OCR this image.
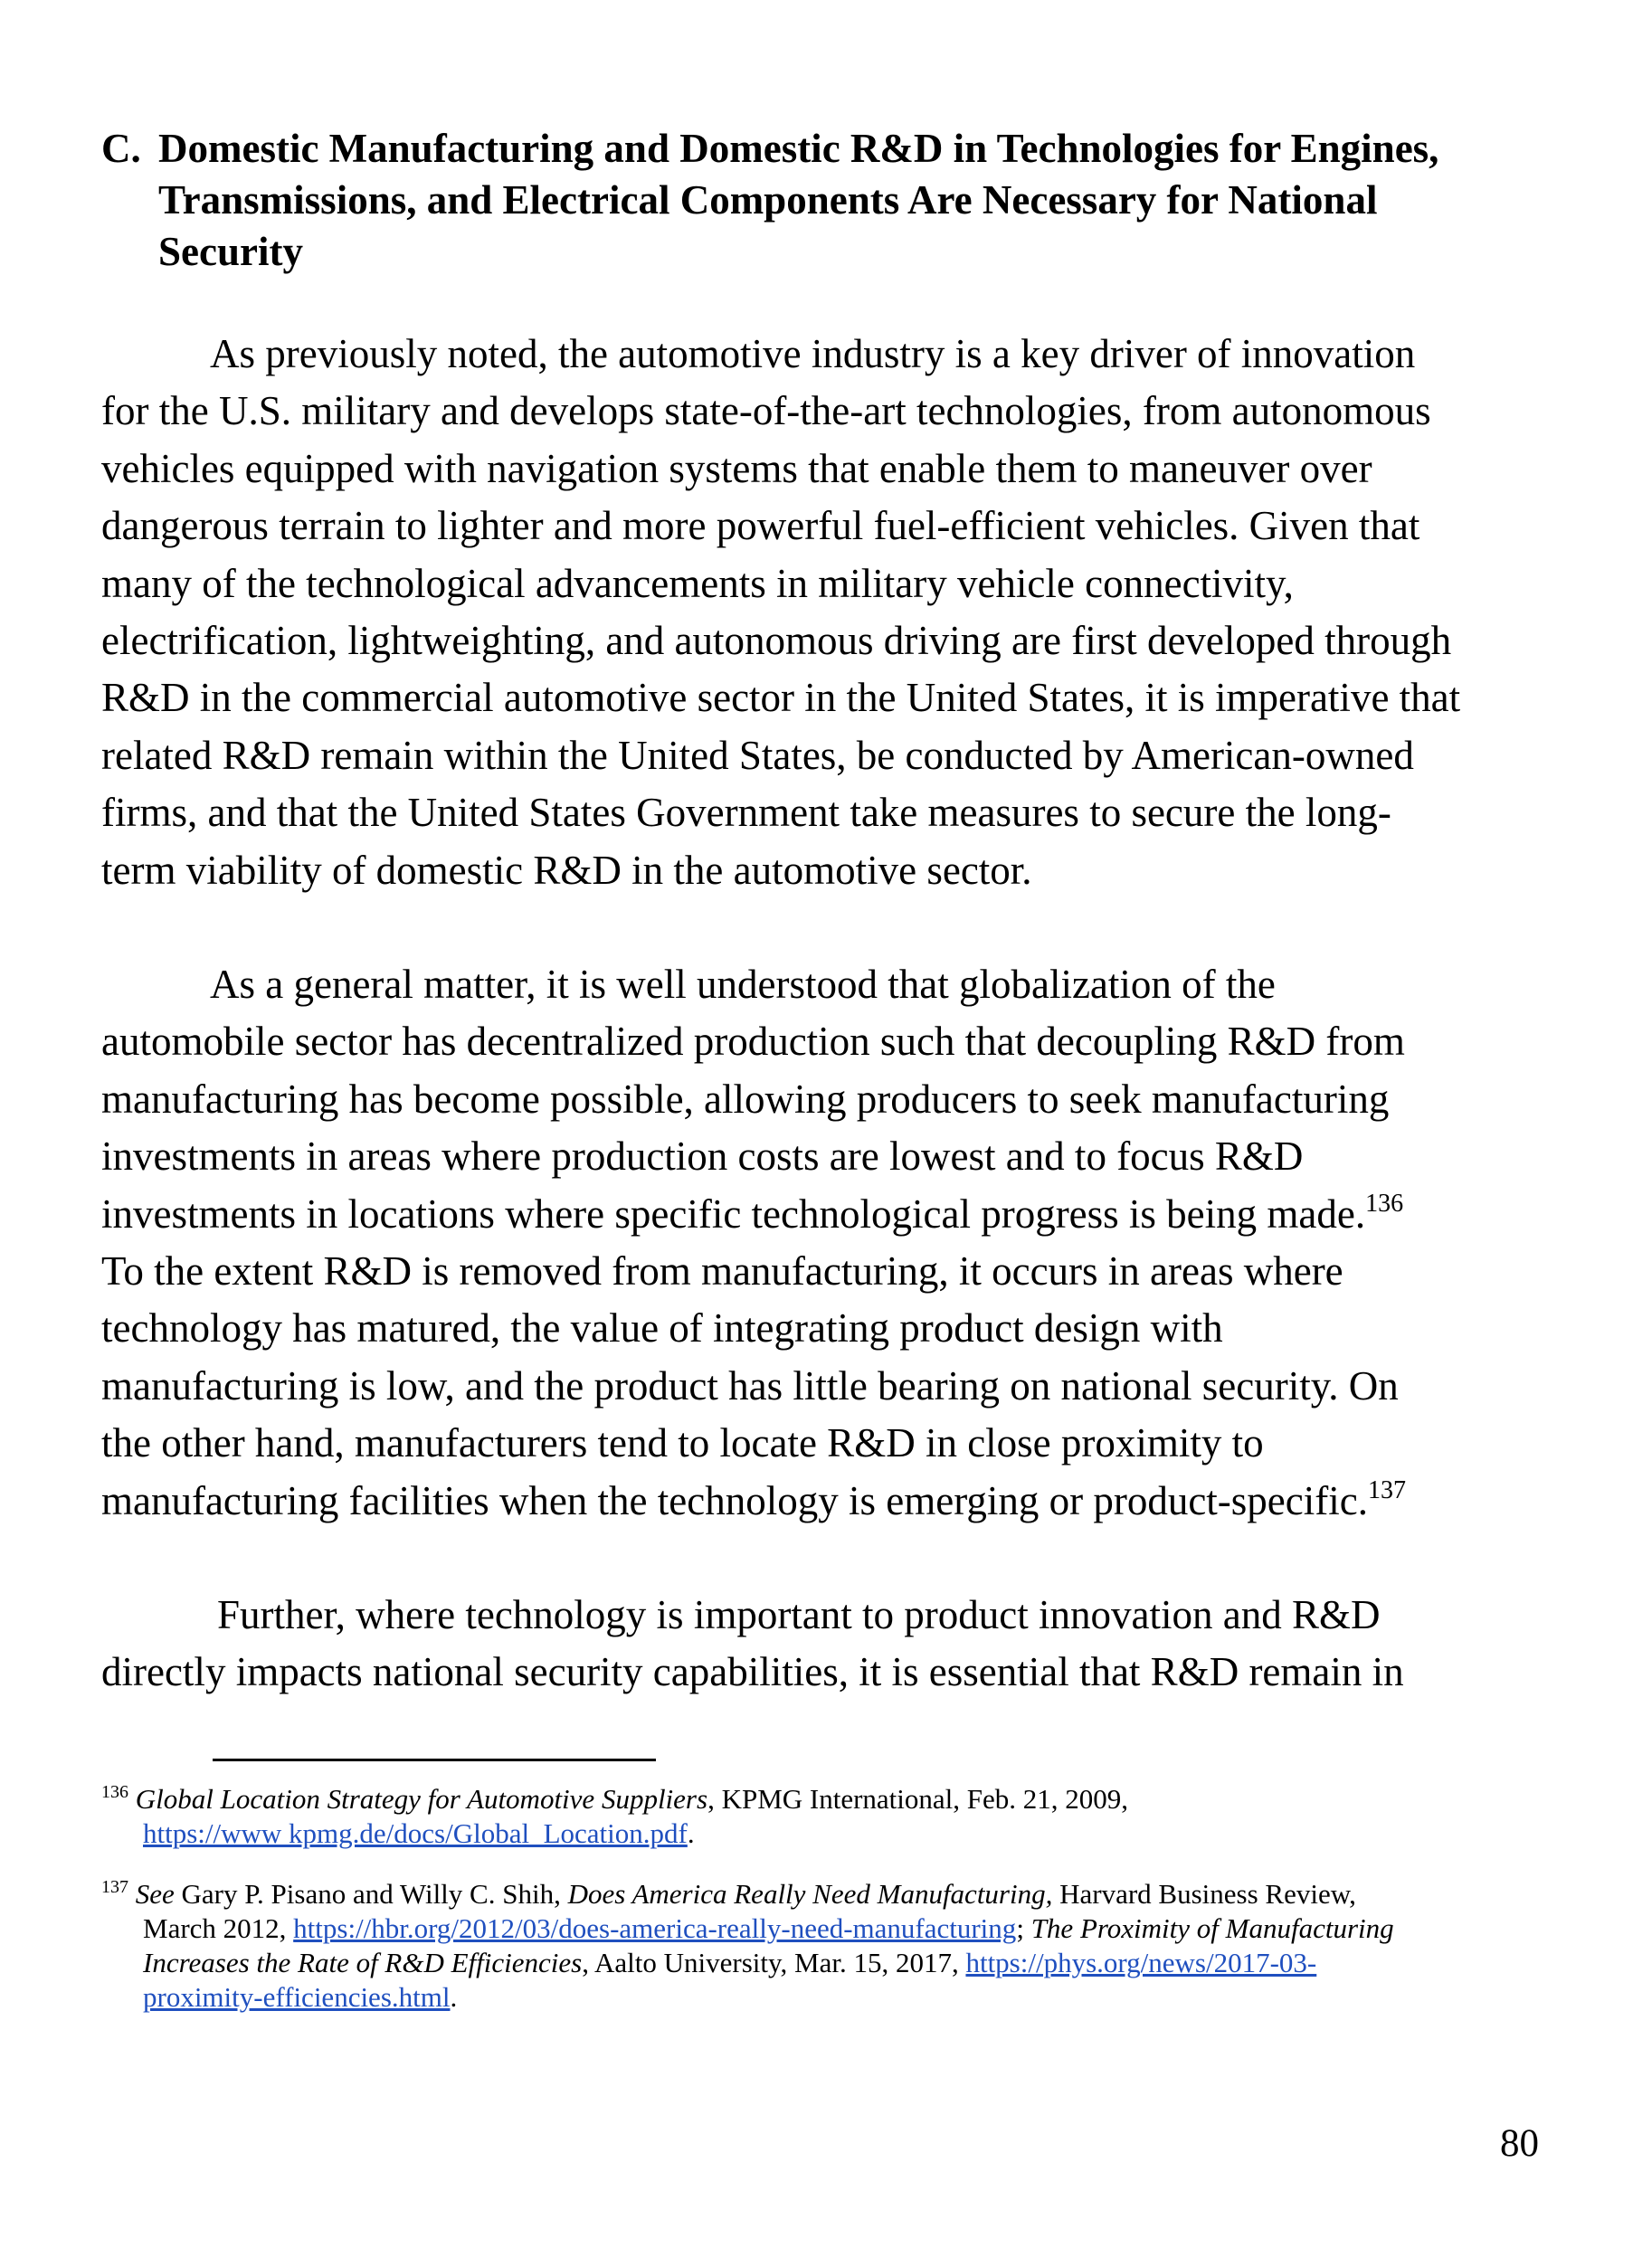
C. Domestic Manufacturing and Domestic R&D in Technologies for Engines,
Transmissions, and Electrical Components Are Necessary for National
Security
As previously noted, the automotive industry is a key driver of innovation
for the U.S. military and develops state-of-the-art technologies, from autonomous
vehicles equipped with navigation systems that enable them to maneuver over
dangerous terrain to lighter and more powerful fuel-efficient vehicles. Given that
many of the technological advancements in military vehicle connectivity,
electrification, lightweighting, and autonomous driving are first developed through
R&D in the commercial automotive sector in the United States, it is imperative that
related R&D remain within the United States, be conducted by American-owned
firms, and that the United States Government take measures to secure the long-
term viability of domestic R&D in the automotive sector.
As a general matter, it is well understood that globalization of the
automobile sector has decentralized production such that decoupling R&D from
manufacturing has become possible, allowing producers to seek manufacturing
investments in areas where production costs are lowest and to focus R&D
investments in locations where specific technological progress is being made.$^{136}$
To the extent R&D is removed from manufacturing, it occurs in areas where
technology has matured, the value of integrating product design with
manufacturing is low, and the product has little bearing on national security. On
the other hand, manufacturers tend to locate R&D in close proximity to
manufacturing facilities when the technology is emerging or product-specific.$^{137}$
Further, where technology is important to product innovation and R&D
directly impacts national security capabilities, it is essential that R&D remain in
$^{136}$ Global Location Strategy for Automotive Suppliers, KPMG International, Feb. 21, 2009,
https://www kpmg.de/docs/Global_Location.pdf.
$^{137}$ See Gary P. Pisano and Willy C. Shih, Does America Really Need Manufacturing, Harvard Business Review,
March 2012, https://hbr.org/2012/03/does-america-really-need-manufacturing; The Proximity of Manufacturing
Increases the Rate of R&D Efficiencies, Aalto University, Mar. 15, 2017, https://phys.org/news/2017-03-
proximity-efficiencies.html.
80
